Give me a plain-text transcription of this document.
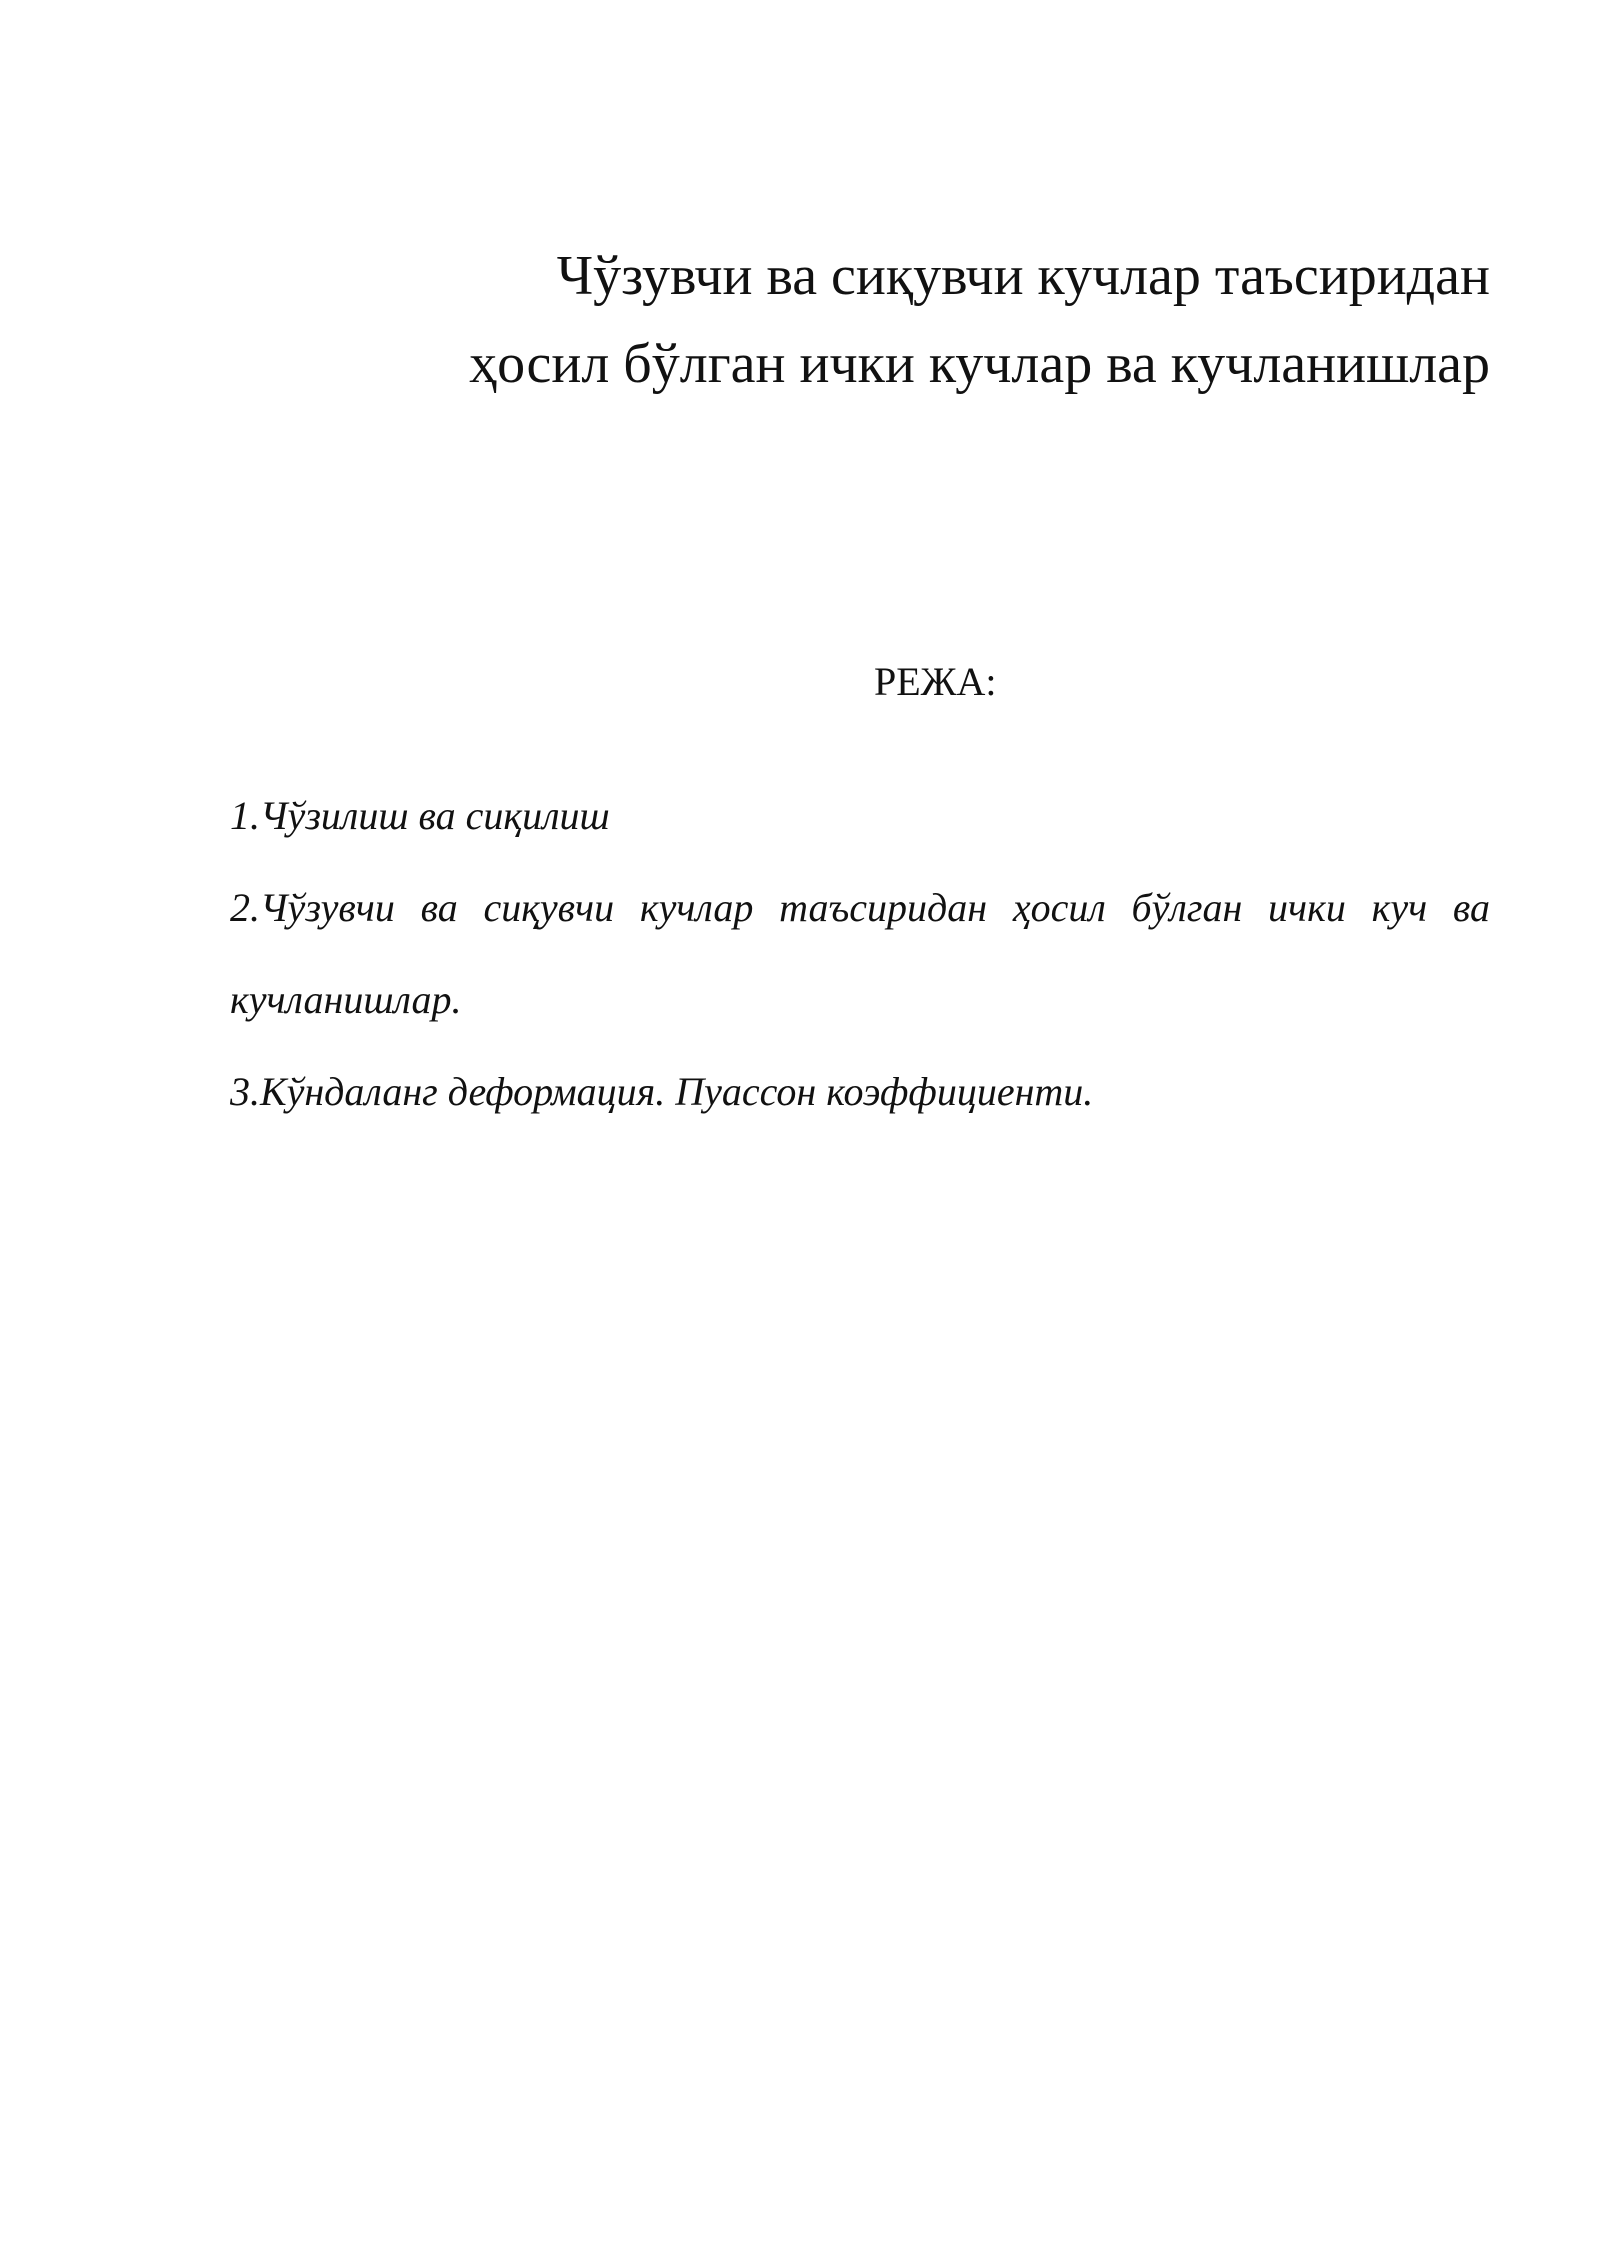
Чўзувчи ва сиқувчи кучлар таъсиридан
ҳосил бўлган ички кучлар ва кучланишлар

РЕЖА:

1.Чўзилиш ва сиқилиш
2.Чўзувчи ва сиқувчи кучлар таъсиридан ҳосил бўлган ички куч ва кучланишлар.
3.Кўндаланг деформация. Пуассон коэффициенти.
